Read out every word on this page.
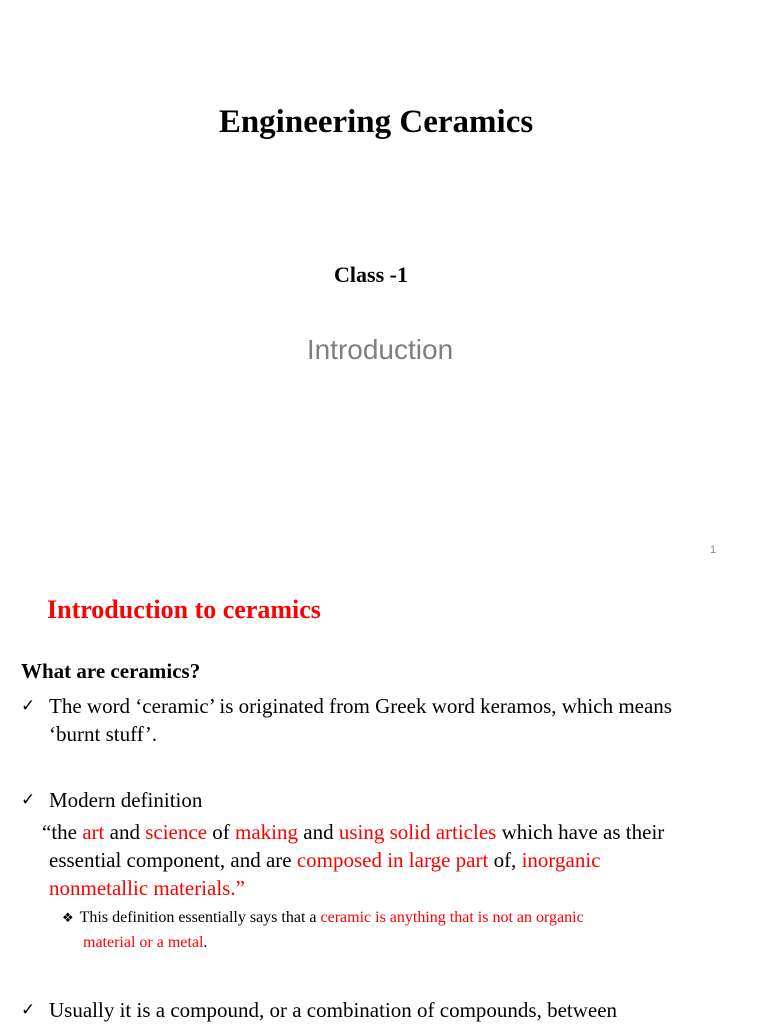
Engineering Ceramics
Class -1
Introduction
1
Introduction to ceramics
What are ceramics?
✓ The word ‘ceramic’ is originated from Greek word keramos, which means
‘burnt stuff’.
✓ Modern definition
“the art and science of making and using solid articles which have as their
essential component, and are composed in large part of, inorganic
nonmetallic materials.”
❖ This definition essentially says that a ceramic is anything that is not an organic
material or a metal.
✓ Usually it is a compound, or a combination of compounds, between
